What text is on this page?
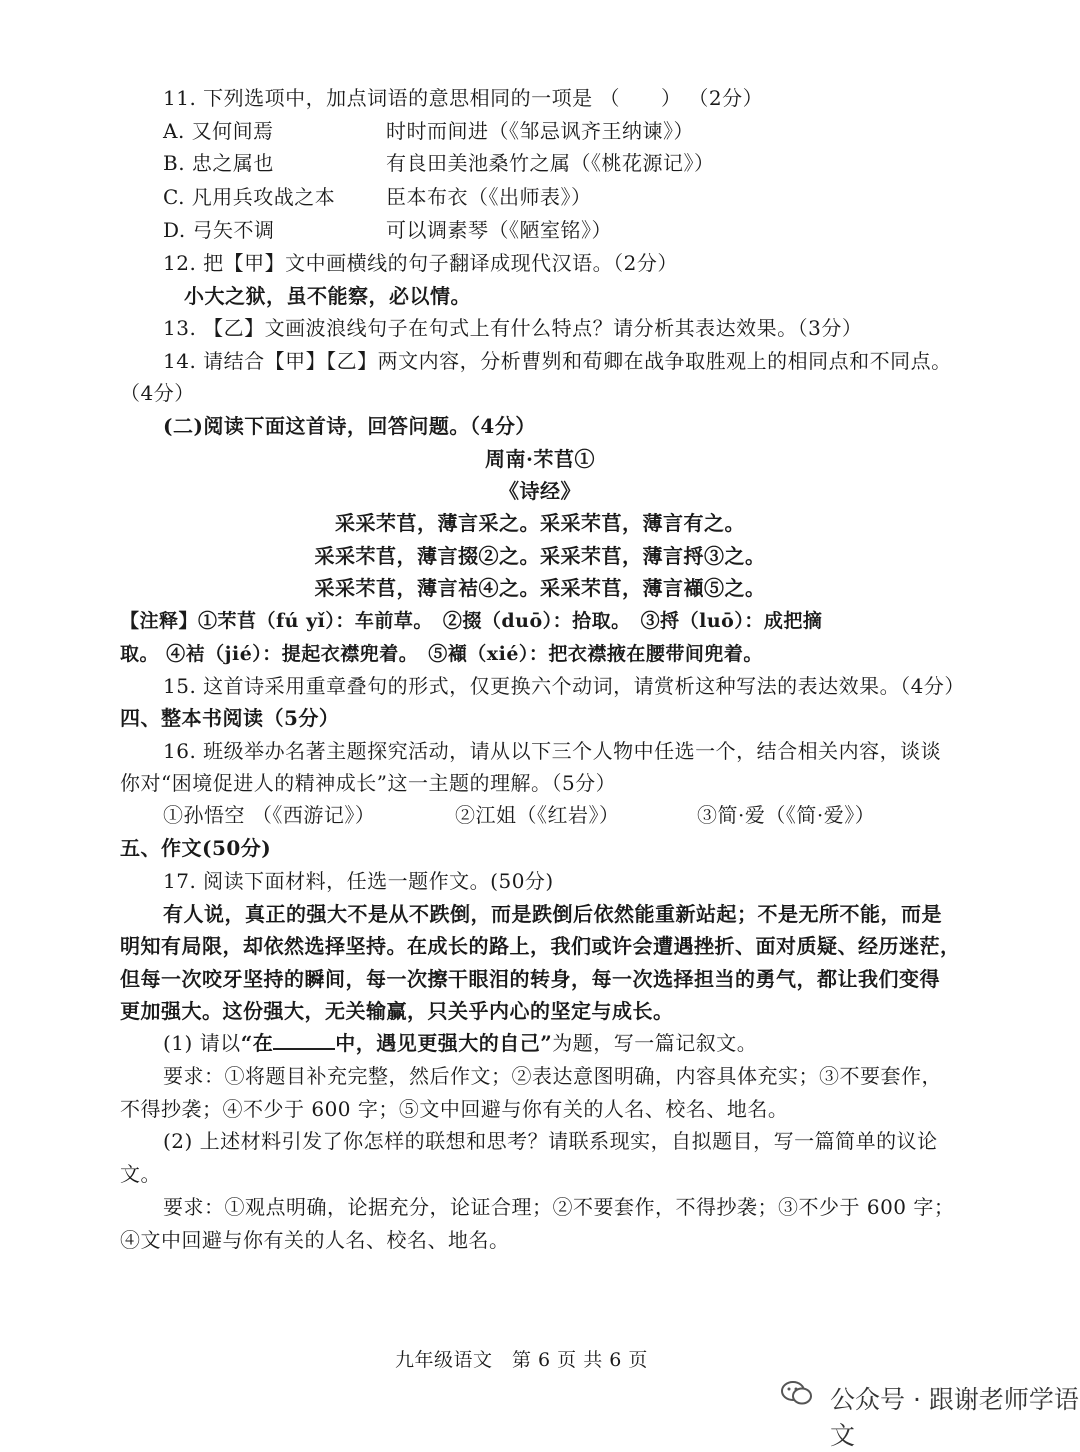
11. 下列选项中，加点词语的意思相同的一项是 （　　） （2分）
A. 又何间焉	时时而间进（《邹忌讽齐王纳谏》）
B. 忠之属也	有良田美池桑竹之属（《桃花源记》）
C. 凡用兵攻战之本	臣本布衣（《出师表》）
D. 弓矢不调	可以调素琴（《陋室铭》）
12. 把【甲】文中画横线的句子翻译成现代汉语。（2分）
小大之狱，虽不能察，必以情。
13. 【乙】文画波浪线句子在句式上有什么特点？请分析其表达效果。（3分）
14. 请结合【甲】【乙】两文内容，分析曹刿和荀卿在战争取胜观上的相同点和不同点。
（4分）
(二)阅读下面这首诗，回答问题。（4分）
周南·芣苢①
《诗经》
采采芣苢，薄言采之。采采芣苢，薄言有之。
采采芣苢，薄言掇②之。采采芣苢，薄言捋③之。
采采芣苢，薄言袺④之。采采芣苢，薄言襭⑤之。
【注释】①芣苢（fú yǐ）：车前草。　②掇（duō）：拾取。　③捋（luō）：成把摘
取。 ④袺（jié）：提起衣襟兜着。　⑤襭（xié）：把衣襟掖在腰带间兜着。
15. 这首诗采用重章叠句的形式，仅更换六个动词，请赏析这种写法的表达效果。（4分）
四、整本书阅读（5分）
16. 班级举办名著主题探究活动，请从以下三个人物中任选一个，结合相关内容，谈谈
你对“困境促进人的精神成长”这一主题的理解。（5分）
①孙悟空 （《西游记》）	②江姐（《红岩》）	③简·爱（《简·爱》）
五、作文(50分)
17. 阅读下面材料，任选一题作文。(50分)
有人说，真正的强大不是从不跌倒，而是跌倒后依然能重新站起；不是无所不能，而是
明知有局限，却依然选择坚持。在成长的路上，我们或许会遭遇挫折、面对质疑、经历迷茫，
但每一次咬牙坚持的瞬间，每一次擦干眼泪的转身，每一次选择担当的勇气，都让我们变得
更加强大。这份强大，无关输赢，只关乎内心的坚定与成长。
(1) 请以“在	中，遇见更强大的自己”为题，写一篇记叙文。
要求：①将题目补充完整，然后作文；②表达意图明确，内容具体充实；③不要套作，
不得抄袭；④不少于 600 字；⑤文中回避与你有关的人名、校名、地名。
(2) 上述材料引发了你怎样的联想和思考？请联系现实，自拟题目，写一篇简单的议论
文。
要求：①观点明确，论据充分，论证合理；②不要套作，不得抄袭；③不少于 600 字；
④文中回避与你有关的人名、校名、地名。
九年级语文　第 6 页 共 6 页
公众号 · 跟谢老师学语文
